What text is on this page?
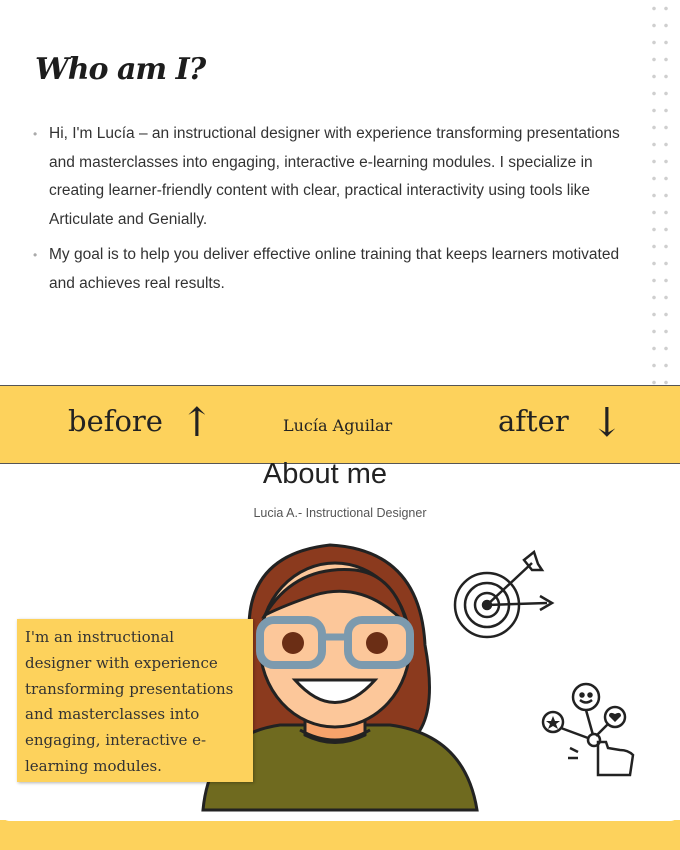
Who am I?
• Hi, I'm Lucía – an instructional designer with experience transforming presentations and masterclasses into engaging, interactive e-learning modules. I specialize in creating learner-friendly content with clear, practical interactivity using tools like Articulate and Genially.
• My goal is to help you deliver effective online training that keeps learners motivated and achieves real results.
before ↑	Lucía Aguilar	after ↓
About me
Lucia A.- Instructional Designer
I'm an instructional designer with experience transforming presentations and masterclasses into engaging, interactive e-learning modules.
